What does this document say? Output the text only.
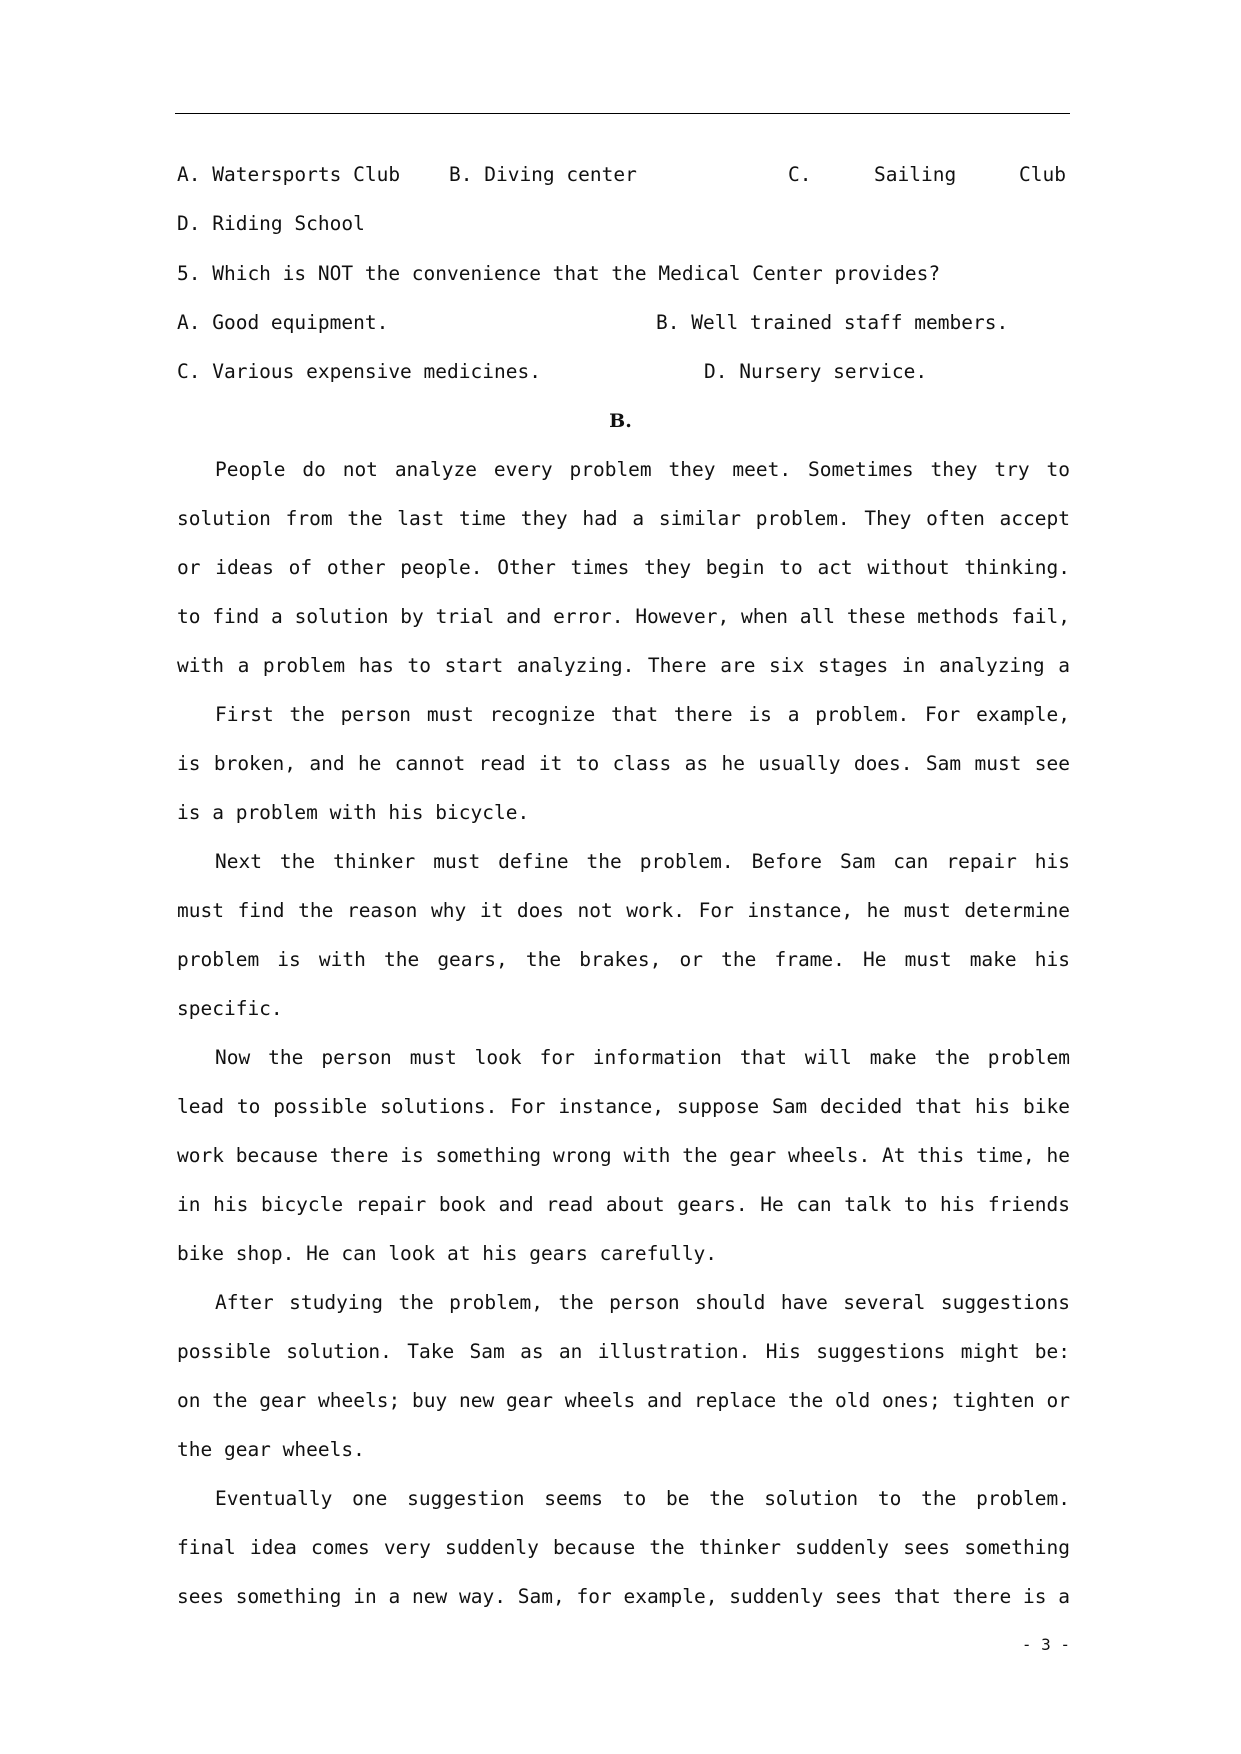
A. Watersports Club	B. Diving center	C.	Sailing	Club
D. Riding School
5. Which is NOT the convenience that the Medical Center provides?
A. Good equipment.	B. Well trained staff members.
C. Various expensive medicines.	D. Nursery service.
B.
People do not analyze every problem they meet. Sometimes they try to
solution from the last time they had a similar problem. They often accept
or ideas of other people. Other times they begin to act without thinking.
to find a solution by trial and error. However, when all these methods fail,
with a problem has to start analyzing. There are six stages in analyzing a
First the person must recognize that there is a problem. For example,
is broken, and he cannot read it to class as he usually does. Sam must see
is a problem with his bicycle.
Next the thinker must define the problem. Before Sam can repair his
must find the reason why it does not work. For instance, he must determine
problem is with the gears, the brakes, or the frame. He must make his
specific.
Now the person must look for information that will make the problem
lead to possible solutions. For instance, suppose Sam decided that his bike
work because there is something wrong with the gear wheels. At this time, he
in his bicycle repair book and read about gears. He can talk to his friends
bike shop. He can look at his gears carefully.
After studying the problem, the person should have several suggestions
possible solution. Take Sam as an illustration. His suggestions might be:
on the gear wheels; buy new gear wheels and replace the old ones; tighten or
the gear wheels.
Eventually one suggestion seems to be the solution to the problem.
final idea comes very suddenly because the thinker suddenly sees something
sees something in a new way. Sam, for example, suddenly sees that there is a
- 3 -
